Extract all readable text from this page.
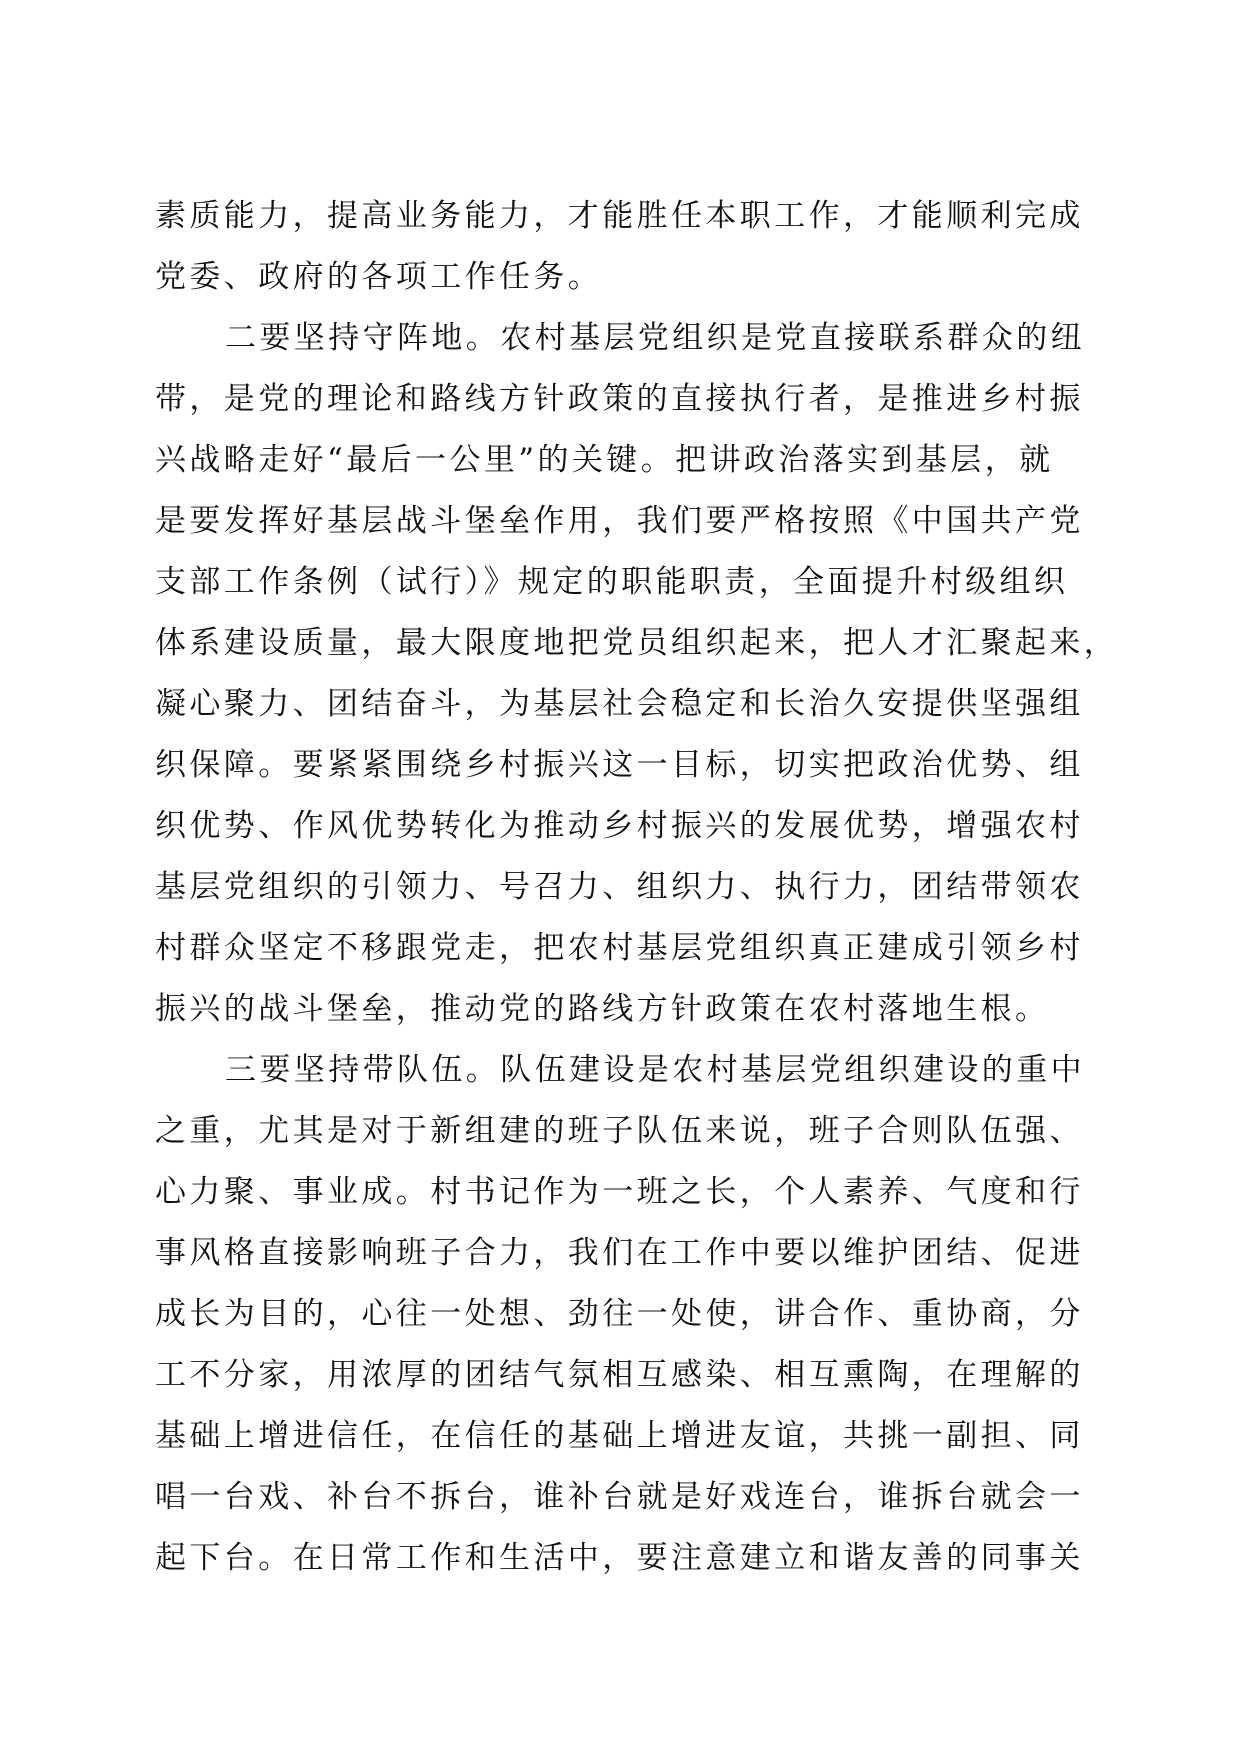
素质能力，提高业务能力，才能胜任本职工作，才能顺利完成
党委、政府的各项工作任务。
二要坚持守阵地。农村基层党组织是党直接联系群众的纽
带，是党的理论和路线方针政策的直接执行者，是推进乡村振
兴战略走好“最后一公里”的关键。把讲政治落实到基层，就
是要发挥好基层战斗堡垒作用，我们要严格按照《中国共产党
支部工作条例（试行）》规定的职能职责，全面提升村级组织
体系建设质量，最大限度地把党员组织起来，把人才汇聚起来，
凝心聚力、团结奋斗，为基层社会稳定和长治久安提供坚强组
织保障。要紧紧围绕乡村振兴这一目标，切实把政治优势、组
织优势、作风优势转化为推动乡村振兴的发展优势，增强农村
基层党组织的引领力、号召力、组织力、执行力，团结带领农
村群众坚定不移跟党走，把农村基层党组织真正建成引领乡村
振兴的战斗堡垒，推动党的路线方针政策在农村落地生根。
三要坚持带队伍。队伍建设是农村基层党组织建设的重中
之重，尤其是对于新组建的班子队伍来说，班子合则队伍强、
心力聚、事业成。村书记作为一班之长，个人素养、气度和行
事风格直接影响班子合力，我们在工作中要以维护团结、促进
成长为目的，心往一处想、劲往一处使，讲合作、重协商，分
工不分家，用浓厚的团结气氛相互感染、相互熏陶，在理解的
基础上增进信任，在信任的基础上增进友谊，共挑一副担、同
唱一台戏、补台不拆台，谁补台就是好戏连台，谁拆台就会一
起下台。在日常工作和生活中，要注意建立和谐友善的同事关
